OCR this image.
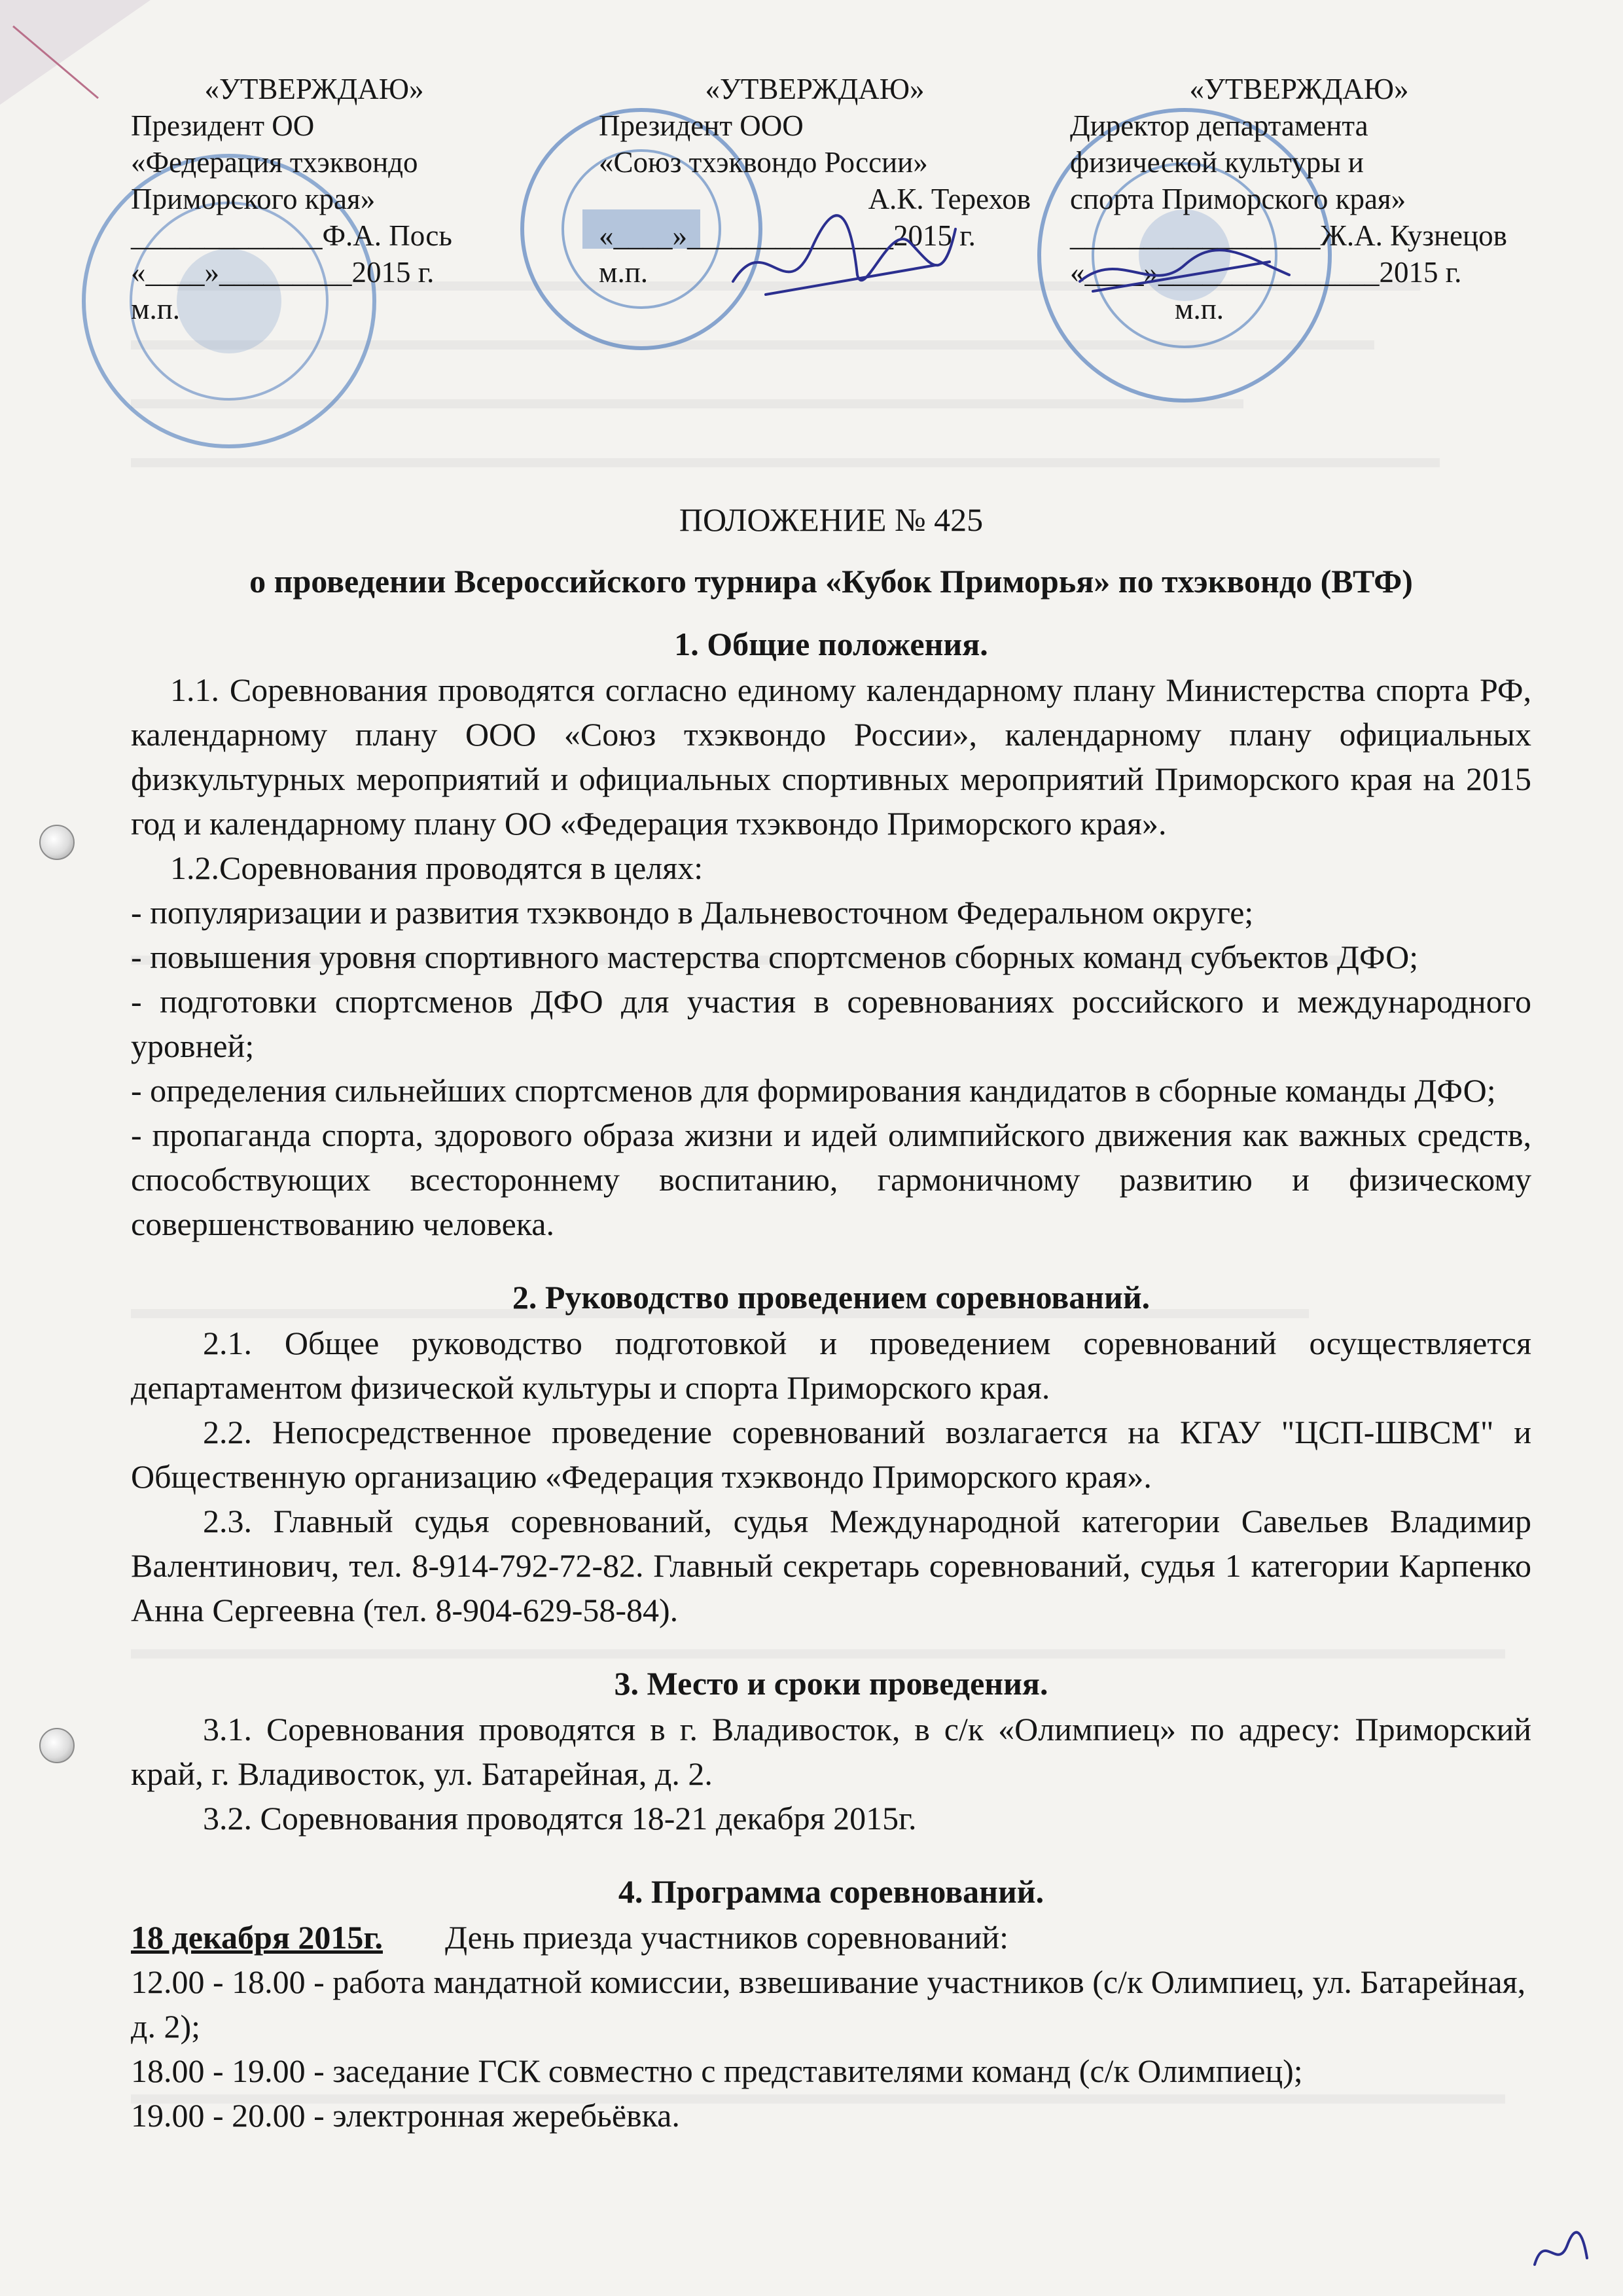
«УТВЕРЖДАЮ»
Президент ОО
«Федерация тхэквондо
Приморского края»
_____________Ф.А. Пось
«____»_________2015 г.
м.п.
«УТВЕРЖДАЮ»
Президент ООО
«Союз тхэквондо России»
А.К. Терехов
«____»______________2015 г.
м.п.
«УТВЕРЖДАЮ»
Директор департамента
физической культуры и
спорта Приморского края»
_________________Ж.А. Кузнецов
«____»_______________2015 г.
м.п.
ПОЛОЖЕНИЕ № 425
о проведении Всероссийского турнира «Кубок Приморья» по тхэквондо (ВТФ)
1. Общие положения.

1.1. Соревнования проводятся согласно единому календарному плану Министерства спорта РФ, календарному плану ООО «Союз тхэквондо России», календарному плану официальных физкультурных мероприятий и официальных спортивных мероприятий Приморского края на 2015 год и календарному плану ОО «Федерация тхэквондо Приморского края».

1.2.Соревнования проводятся в целях:

- популяризации и развития тхэквондо в Дальневосточном Федеральном округе;

- повышения уровня спортивного мастерства спортсменов сборных команд субъектов ДФО;

- подготовки спортсменов ДФО для участия в соревнованиях российского и международного уровней;

- определения сильнейших спортсменов для формирования кандидатов в сборные команды ДФО;

- пропаганда спорта, здорового образа жизни и идей олимпийского движения как важных средств, способствующих всестороннему воспитанию, гармоничному развитию и физическому совершенствованию человека.

2. Руководство проведением соревнований.

2.1. Общее руководство подготовкой и проведением соревнований осуществляется департаментом физической культуры и спорта Приморского края.

2.2. Непосредственное проведение соревнований возлагается на КГАУ "ЦСП-ШВСМ" и Общественную организацию «Федерация тхэквондо Приморского края».

2.3. Главный судья соревнований, судья Международной категории Савельев Владимир Валентинович, тел. 8-914-792-72-82. Главный секретарь соревнований, судья 1 категории Карпенко Анна Сергеевна (тел. 8-904-629-58-84).

3. Место и сроки проведения.

3.1. Соревнования проводятся в г. Владивосток, в с/к «Олимпиец» по адресу: Приморский край, г. Владивосток, ул. Батарейная, д. 2.

3.2. Соревнования проводятся 18-21 декабря 2015г.

4. Программа соревнований.

18 декабря 2015г. День приезда участников соревнований:

12.00 - 18.00 - работа мандатной комиссии, взвешивание участников (с/к Олимпиец, ул. Батарейная, д. 2);

18.00 - 19.00 - заседание ГСК совместно с представителями команд (с/к Олимпиец);

19.00 - 20.00 - электронная жеребьёвка.
